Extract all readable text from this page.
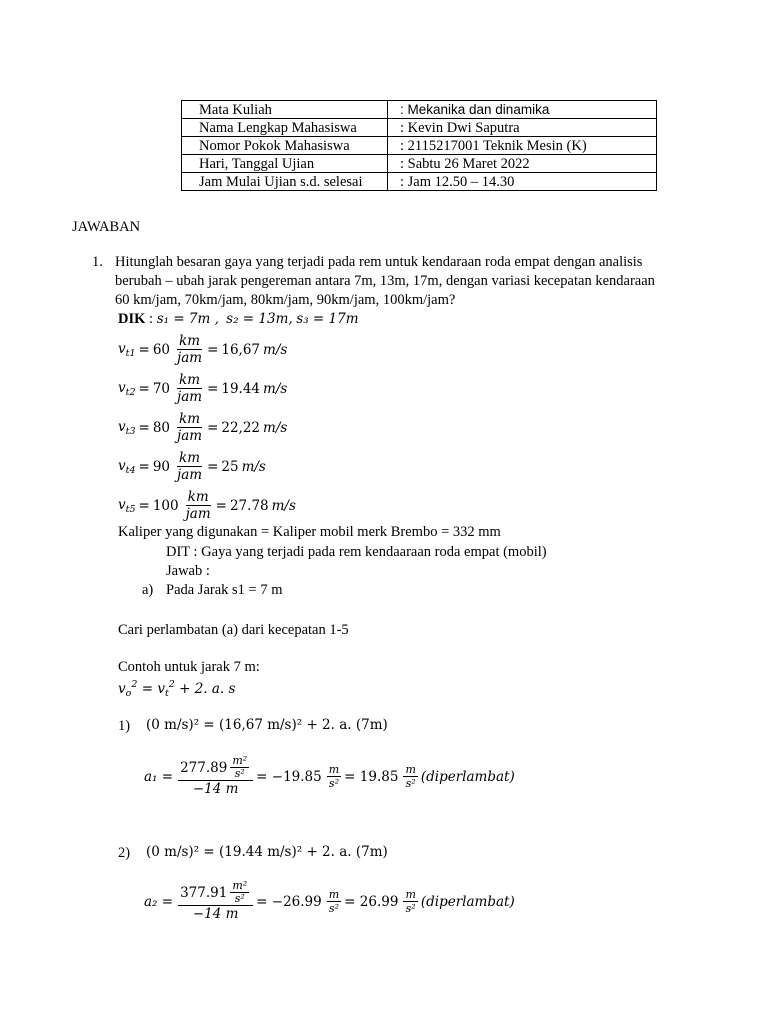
Mata Kuliah	: Mekanika dan dinamika
Nama Lengkap Mahasiswa	: Kevin Dwi Saputra
Nomor Pokok Mahasiswa	: 2115217001 Teknik Mesin (K)
Hari, Tanggal Ujian	: Sabtu 26 Maret 2022
Jam Mulai Ujian s.d. selesai	: Jam 12.50 – 14.30
JAWABAN
1. Hitunglah besaran gaya yang terjadi pada rem untuk kendaraan roda empat dengan analisis
berubah – ubah jarak pengereman antara 7m, 13m, 17m, dengan variasi kecepatan kendaraan
60 km/jam, 70km/jam, 80km/jam, 90km/jam, 100km/jam?
DIK : s₁ = 7m , s₂ = 13m, s₃ = 17m
$v_{t1} = 60 \frac{km}{\text{jam}} = 16,67$ m/s
$v_{t2} = 70 \frac{km}{\text{jam}} = 19.44$ m/s
$v_{t3} = 80 \frac{km}{\text{jam}} = 22,22$ m/s
$v_{t4} = 90 \frac{km}{\text{jam}} = 25$ m/s
$v_{t5} = 100 \frac{km}{\text{jam}} = 27.78$ m/s
Kaliper yang digunakan = Kaliper mobil merk Brembo = 332 mm
DIT : Gaya yang terjadi pada rem kendaaraan roda empat (mobil)
Jawab :
a) Pada Jarak s1 = 7 m
Cari perlambatan (a) dari kecepatan 1-5
Contoh untuk jarak 7 m:
$v_o^2 = v_t^2 + 2$. a. s
1) (0 m/s)² = (16,67 m/s)² + 2. a. (7m)
$a_1 = \frac{277.89 \frac{\text{m²}}{\text{s²}}}{-14 m} = -19.85 \frac{m}{\text{s²}} = 19.85 \frac{m}{\text{s²}}$ (diperlambat)
2) (0 m/s)² = (19.44 m/s)² + 2. a. (7m)
$a_2 = \frac{377.91 \frac{\text{m²}}{\text{s²}}}{-14 m} = -26.99 \frac{m}{\text{s²}} = 26.99 \frac{m}{\text{s²}}$ (diperlambat)
